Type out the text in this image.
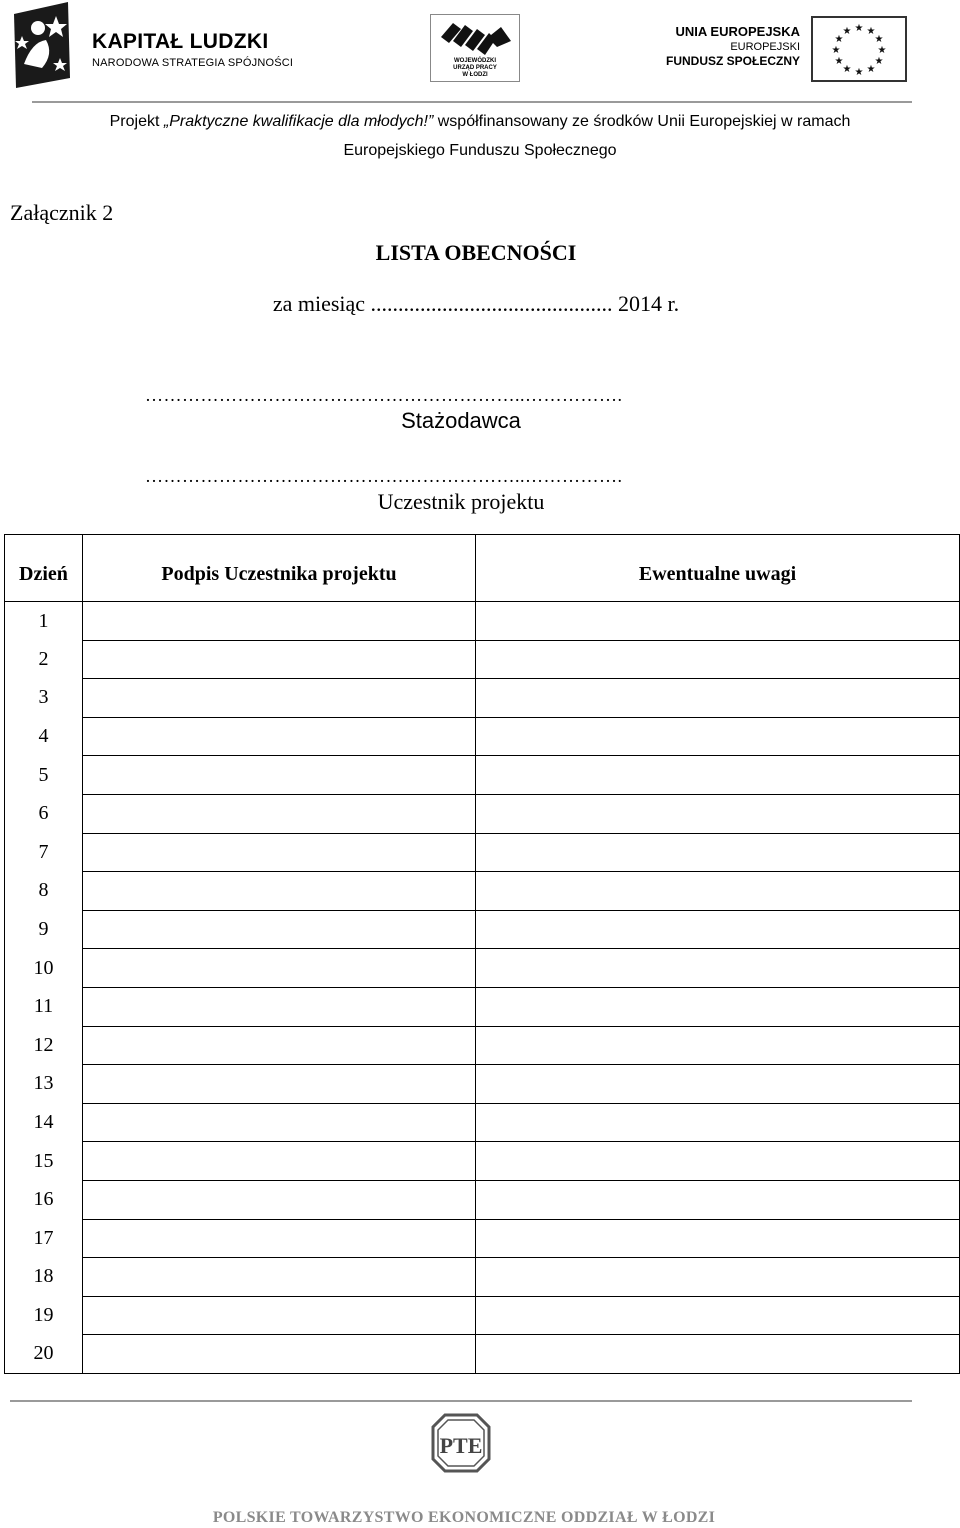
KAPITAŁ LUDZKI
NARODOWA STRATEGIA SPÓJNOŚCI	WOJEWÓDZKI
URZĄD PRACY
W ŁODZI
UNIA EUROPEJSKA
EUROPEJSKI
FUNDUSZ SPOŁECZNY
★ ★
★
★
★
★
★
★
★
★
★
★
Projekt „Praktyczne kwalifikacje dla młodych!” współfinansowany ze środków Unii Europejskiej w ramach
Europejskiego Funduszu Społecznego
Załącznik 2
LISTA OBECNOŚCI
za miesiąc ............................................ 2014 r.
……………………………………………………..…………….
Stażodawca
……………………………………………………..…………….
Uczestnik projektu
Dzień	Podpis Uczestnika projektu	Ewentualne uwagi
1		
2		
3		
4		
5		
6		
7		
8		
9		
10		
11		
12		
13		
14		
15		
16		
17		
18		
19		
20		
PTE
POLSKIE TOWARZYSTWO EKONOMICZNE ODDZIAŁ W ŁODZI
